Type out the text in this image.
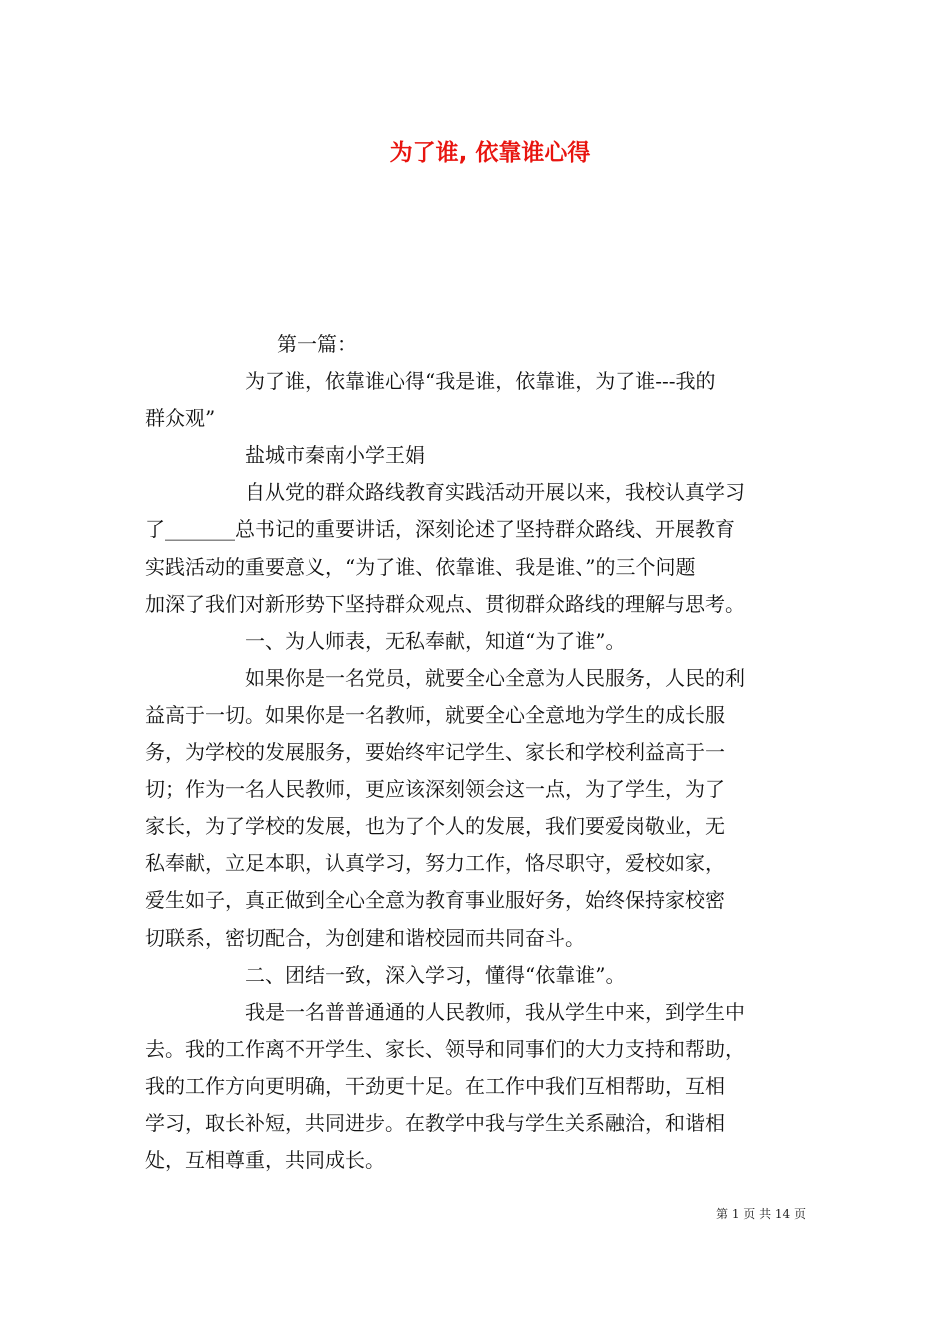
为了谁, 依靠谁心得

第一篇：

为了谁，依靠谁心得“我是谁，依靠谁，为了谁---我的

群众观”

盐城市秦南小学王娟

自从党的群众路线教育实践活动开展以来，我校认真学习

了_______总书记的重要讲话，深刻论述了坚持群众路线、开展教育

实践活动的重要意义，“为了谁、依靠谁、我是谁、”的三个问题

加深了我们对新形势下坚持群众观点、贯彻群众路线的理解与思考。

一、为人师表，无私奉献，知道“为了谁”。

如果你是一名党员，就要全心全意为人民服务，人民的利

益高于一切。如果你是一名教师，就要全心全意地为学生的成长服

务，为学校的发展服务，要始终牢记学生、家长和学校利益高于一

切；作为一名人民教师，更应该深刻领会这一点，为了学生，为了

家长，为了学校的发展，也为了个人的发展，我们要爱岗敬业，无

私奉献，立足本职，认真学习，努力工作，恪尽职守，爱校如家，

爱生如子，真正做到全心全意为教育事业服好务，始终保持家校密

切联系，密切配合，为创建和谐校园而共同奋斗。

二、团结一致，深入学习，懂得“依靠谁”。

我是一名普普通通的人民教师，我从学生中来，到学生中

去。我的工作离不开学生、家长、领导和同事们的大力支持和帮助，

我的工作方向更明确，干劲更十足。在工作中我们互相帮助，互相

学习，取长补短，共同进步。在教学中我与学生关系融洽，和谐相

处，互相尊重，共同成长。

第 1 页 共 14 页
